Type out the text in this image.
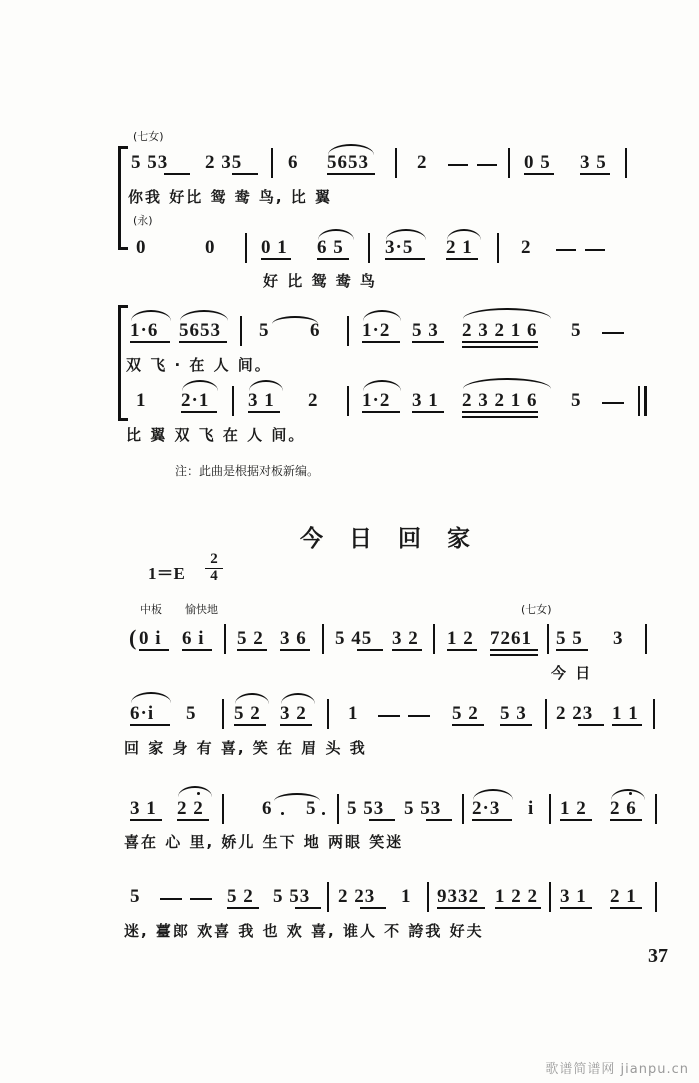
(七女)
5 53 2 35 6 5653	2	0 5 3 5
你我 好比 鸳 鸯 鸟, 比 翼
(永)
0	0 0 1 6 5 3·5 2 1	2
好 比 鸳 鸯 鸟
1·6 5653 5 6 1·2 5 3 2 3 2 1 6 5
双 飞 · 在 人 间。
1 2·1 3 1 2 1·2 3 1 2 3 2 1 6 5
比 翼 双 飞 在 人 间。
注：此曲是根据对板新编。
今 日 回 家
$1=E \frac{2}{4}$
中板 愉快地	(七女)
( 0 i 6 i 5 2 3 6 5 45 3 2 1 2 7261 5 5 3
今 日
6·i 5 5 2 3 2 1	5 2 5 3 2 23 1 1
回 家 身 有 喜, 笑 在 眉 头 我
3 1 2 2	6 5 5 53 5 53 2·3 i 1 2 2 6
喜在 心 里, 娇儿 生下 地 两眼 笑迷
5	5 2 5 53 2 23 1 9332 1 2 2 3 1 2 1
迷, 薹郎 欢喜 我 也 欢 喜, 谁人 不 誇我 好夫
37
歌谱简谱网 jianpu.cn
